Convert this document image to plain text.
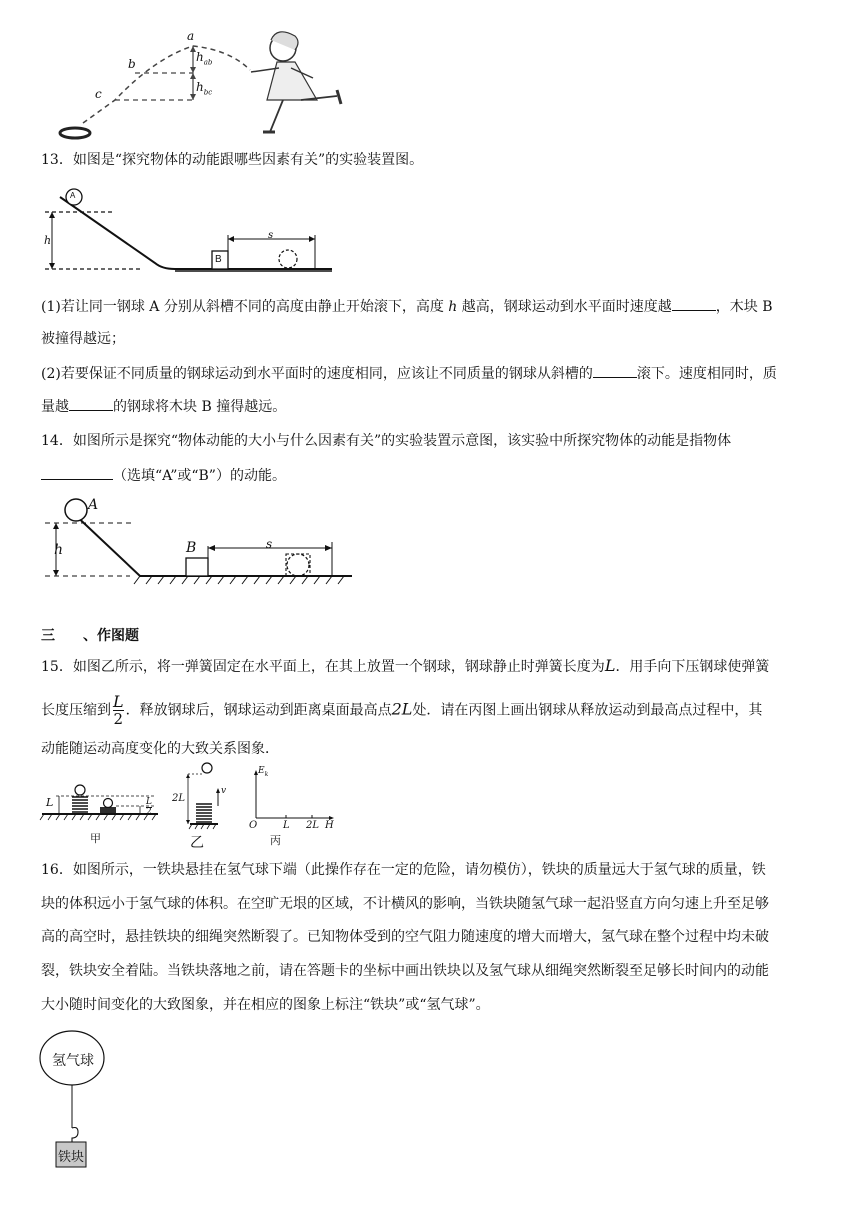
a
b
c
$h_{ab}$
$h_{bc}$
13．如图是“探究物体的动能跟哪些因素有关”的实验装置图。
A
h
B
s
(1)若让同一钢球 A 分别从斜槽不同的高度由静止开始滚下，高度 h 越高，钢球运动到水平面时速度越	，木块 B
被撞得越远；
(2)若要保证不同质量的钢球运动到水平面时的速度相同，应该让不同质量的钢球从斜槽的	滚下。速度相同时，质
量越	的钢球将木块 B 撞得越远。
14．如图所示是探究“物体动能的大小与什么因素有关”的实验装置示意图，该实验中所探究物体的动能是指物体
（选填“A”或“B”）的动能。
A
B
h	s
三 、作图题
15．如图乙所示，将一弹簧固定在水平面上，在其上放置一个钢球，钢球静止时弹簧长度为L．用手向下压钢球使弹簧
长度压缩到 $\frac{L}{2}$ ．释放钢球后，钢球运动到距离桌面最高点2L处．请在丙图上画出钢球从释放运动到最高点过程中，其
动能随运动高度变化的大致关系图象．
L	L
2
甲
2L
v
乙
$E_k$
O	L 2L H
丙
16．如图所示，一铁块悬挂在氢气球下端（此操作存在一定的危险，请勿模仿），铁块的质量远大于氢气球的质量，铁
块的体积远小于氢气球的体积。在空旷无垠的区域，不计横风的影响，当铁块随氢气球一起沿竖直方向匀速上升至足够
高的高空时，悬挂铁块的细绳突然断裂了。已知物体受到的空气阻力随速度的增大而增大，氢气球在整个过程中均未破
裂，铁块安全着陆。当铁块落地之前，请在答题卡的坐标中画出铁块以及氢气球从细绳突然断裂至足够长时间内的动能
大小随时间变化的大致图象，并在相应的图象上标注“铁块”或“氢气球”。
氢气球
铁块
